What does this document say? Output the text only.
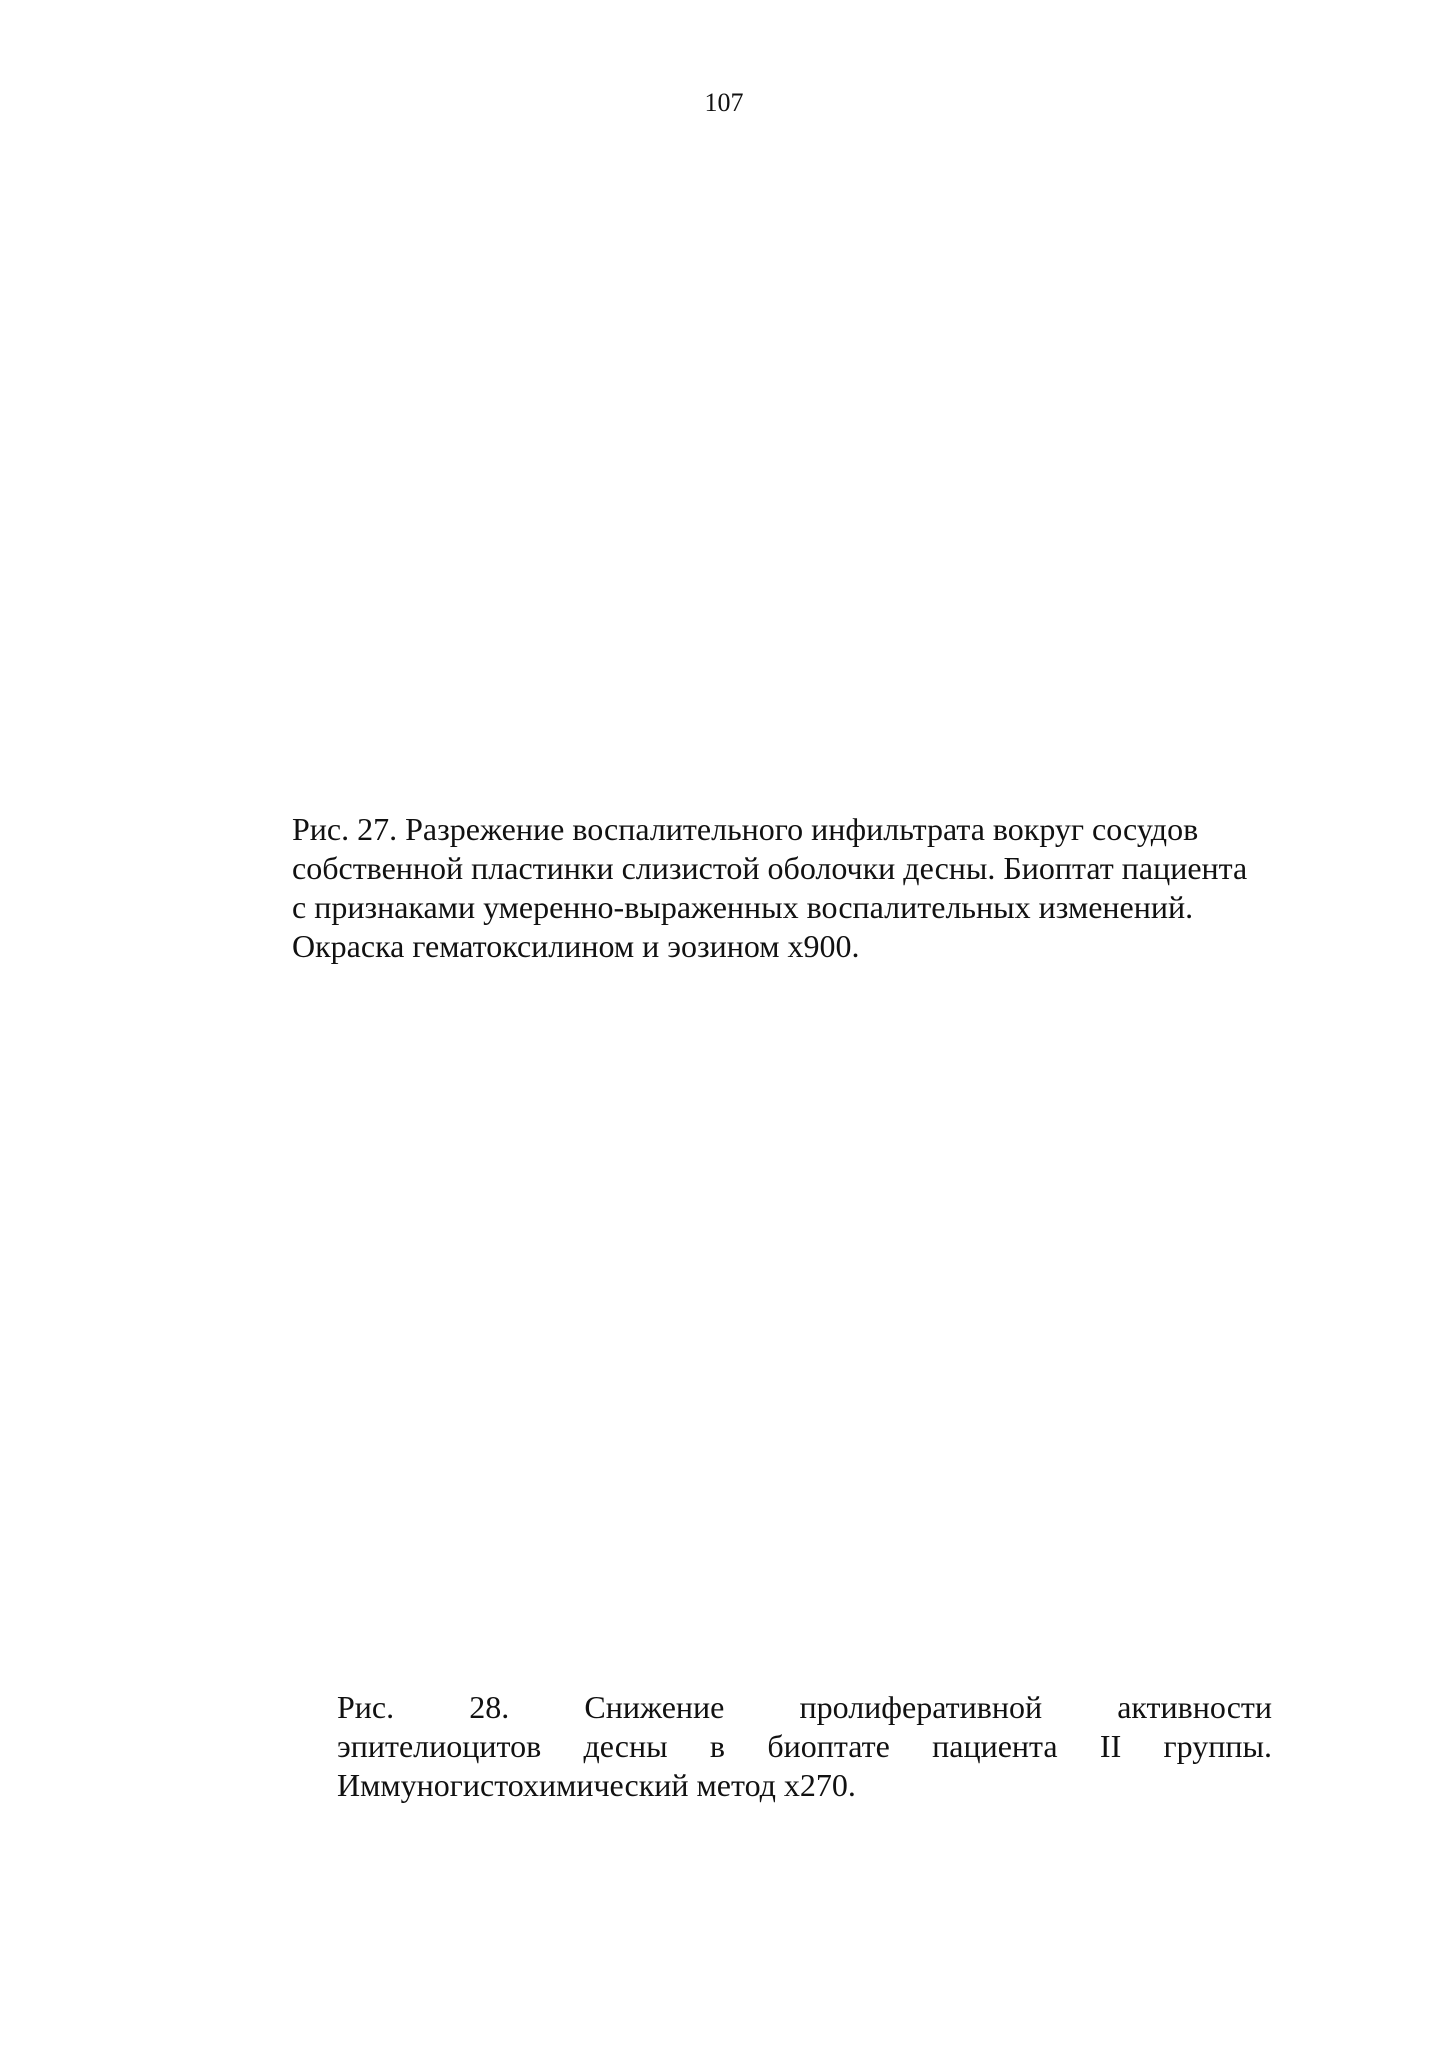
107
Рис. 27. Разрежение воспалительного инфильтрата вокруг сосудов
собственной пластинки слизистой оболочки десны. Биоптат пациента
с признаками умеренно-выраженных воспалительных изменений.
Окраска гематоксилином и эозином х900.
Рис. 28. Снижение пролиферативной активности
эпителиоцитов десны в биоптате пациента II группы.
Иммуногистохимический метод х270.
